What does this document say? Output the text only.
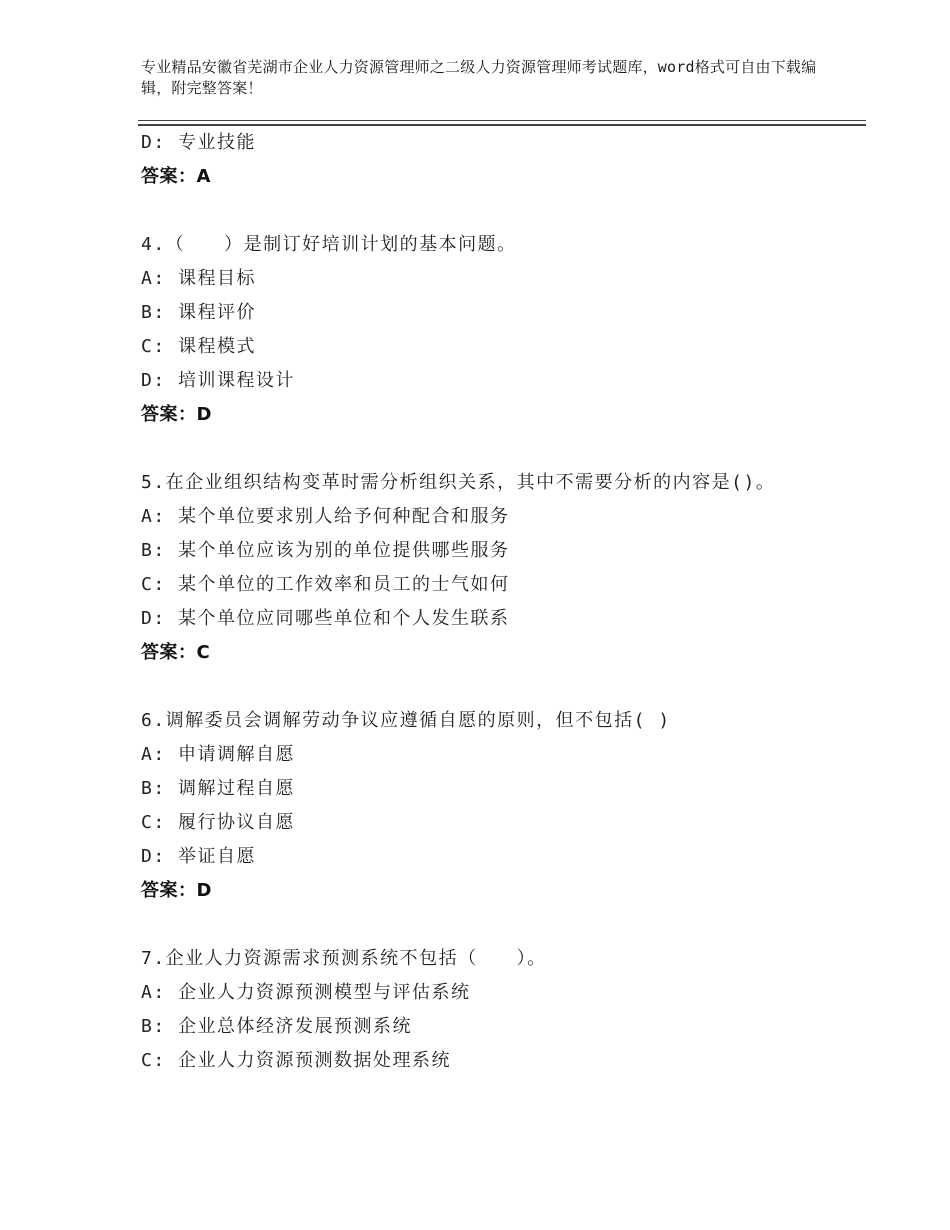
专业精品安徽省芜湖市企业人力资源管理师之二级人力资源管理师考试题库，word格式可自由下载编辑，附完整答案！
D: 专业技能
答案：A
4.（　　）是制订好培训计划的基本问题。
A: 课程目标
B: 课程评价
C: 课程模式
D: 培训课程设计
答案：D
5.在企业组织结构变革时需分析组织关系，其中不需要分析的内容是()。
A: 某个单位要求别人给予何种配合和服务
B: 某个单位应该为别的单位提供哪些服务
C: 某个单位的工作效率和员工的士气如何
D: 某个单位应同哪些单位和个人发生联系
答案：C
6.调解委员会调解劳动争议应遵循自愿的原则，但不包括( )
A: 申请调解自愿
B: 调解过程自愿
C: 履行协议自愿
D: 举证自愿
答案：D
7.企业人力资源需求预测系统不包括（　　）。
A: 企业人力资源预测模型与评估系统
B: 企业总体经济发展预测系统
C: 企业人力资源预测数据处理系统
